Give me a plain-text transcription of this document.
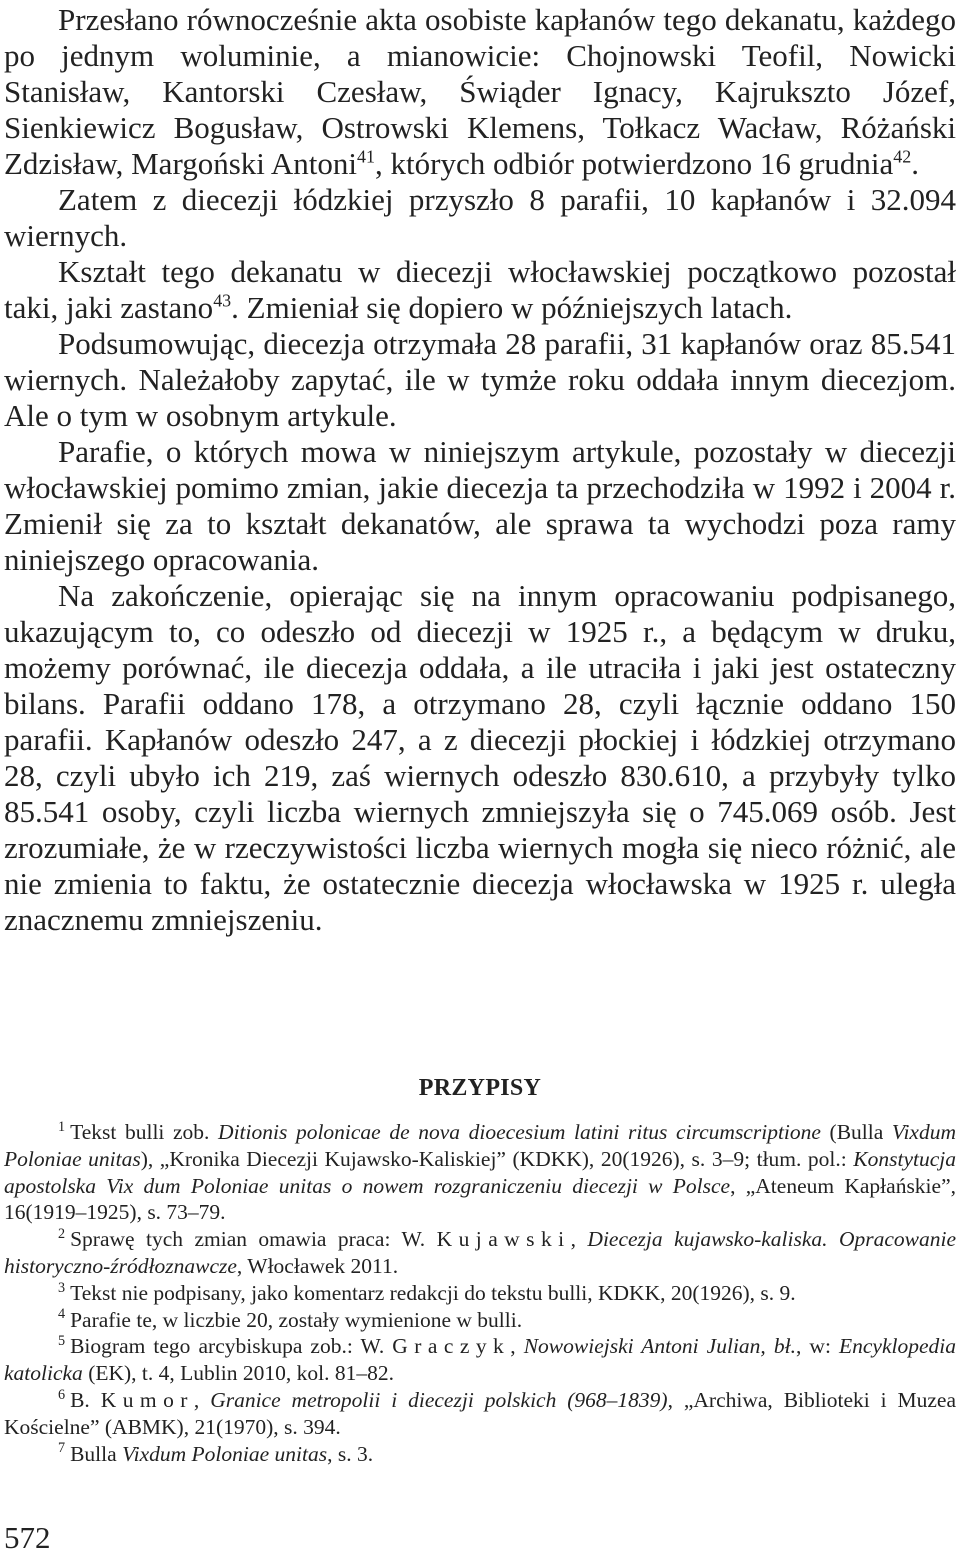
Przesłano równocześnie akta osobiste kapłanów tego dekanatu, każdego po jednym woluminie, a mianowicie: Chojnowski Teofil, Nowicki Stanisław, Kantorski Czesław, Świąder Ignacy, Kajrukszto Józef, Sienkiewicz Bogusław, Ostrowski Klemens, Tołkacz Wacław, Różański Zdzisław, Margoński Antoni$^{41}$, których odbiór potwierdzono 16 grudnia$^{42}$.

Zatem z diecezji łódzkiej przyszło 8 parafii, 10 kapłanów i 32.094 wiernych.

Kształt tego dekanatu w diecezji włocławskiej początkowo pozostał taki, jaki zastano$^{43}$. Zmieniał się dopiero w późniejszych latach.

Podsumowując, diecezja otrzymała 28 parafii, 31 kapłanów oraz 85.541 wiernych. Należałoby zapytać, ile w tymże roku oddała innym diecezjom. Ale o tym w osobnym artykule.

Parafie, o których mowa w niniejszym artykule, pozostały w diecezji włocławskiej pomimo zmian, jakie diecezja ta przechodziła w 1992 i 2004 r. Zmienił się za to kształt dekanatów, ale sprawa ta wychodzi poza ramy niniejszego opracowania.

Na zakończenie, opierając się na innym opracowaniu podpisanego, ukazującym to, co odeszło od diecezji w 1925 r., a będącym w druku, możemy porównać, ile diecezja oddała, a ile utraciła i jaki jest ostateczny bilans. Parafii oddano 178, a otrzymano 28, czyli łącznie oddano 150 parafii. Kapłanów odeszło 247, a z diecezji płockiej i łódzkiej otrzymano 28, czyli ubyło ich 219, zaś wiernych odeszło 830.610, a przybyły tylko 85.541 osoby, czyli liczba wiernych zmniejszyła się o 745.069 osób. Jest zrozumiałe, że w rzeczywistości liczba wiernych mogła się nieco różnić, ale nie zmienia to faktu, że ostatecznie diecezja włocławska w 1925 r. uległa znacznemu zmniejszeniu.

PRZYPISY

$^1$ Tekst bulli zob. Ditionis polonicae de nova dioecesium latini ritus circumscriptione (Bulla Vixdum Poloniae unitas), „Kronika Diecezji Kujawsko-Kaliskiej” (KDKK), 20(1926), s. 3–9; tłum. pol.: Konstytucja apostolska Vix dum Poloniae unitas o nowem rozgraniczeniu diecezji w Polsce, „Ateneum Kapłańskie”, 16(1919–1925), s. 73–79.

$^2$ Sprawę tych zmian omawia praca: W. Kujawski, Diecezja kujawsko-kaliska. Opracowanie historyczno-źródłoznawcze, Włocławek 2011.

$^3$ Tekst nie podpisany, jako komentarz redakcji do tekstu bulli, KDKK, 20(1926), s. 9.

$^4$ Parafie te, w liczbie 20, zostały wymienione w bulli.

$^5$ Biogram tego arcybiskupa zob.: W. Graczyk, Nowowiejski Antoni Julian, bł., w: Encyklopedia katolicka (EK), t. 4, Lublin 2010, kol. 81–82.

$^6$ B. Kumor, Granice metropolii i diecezji polskich (968–1839), „Archiwa, Biblioteki i Muzea Kościelne” (ABMK), 21(1970), s. 394.

$^7$ Bulla Vixdum Poloniae unitas, s. 3.

572
